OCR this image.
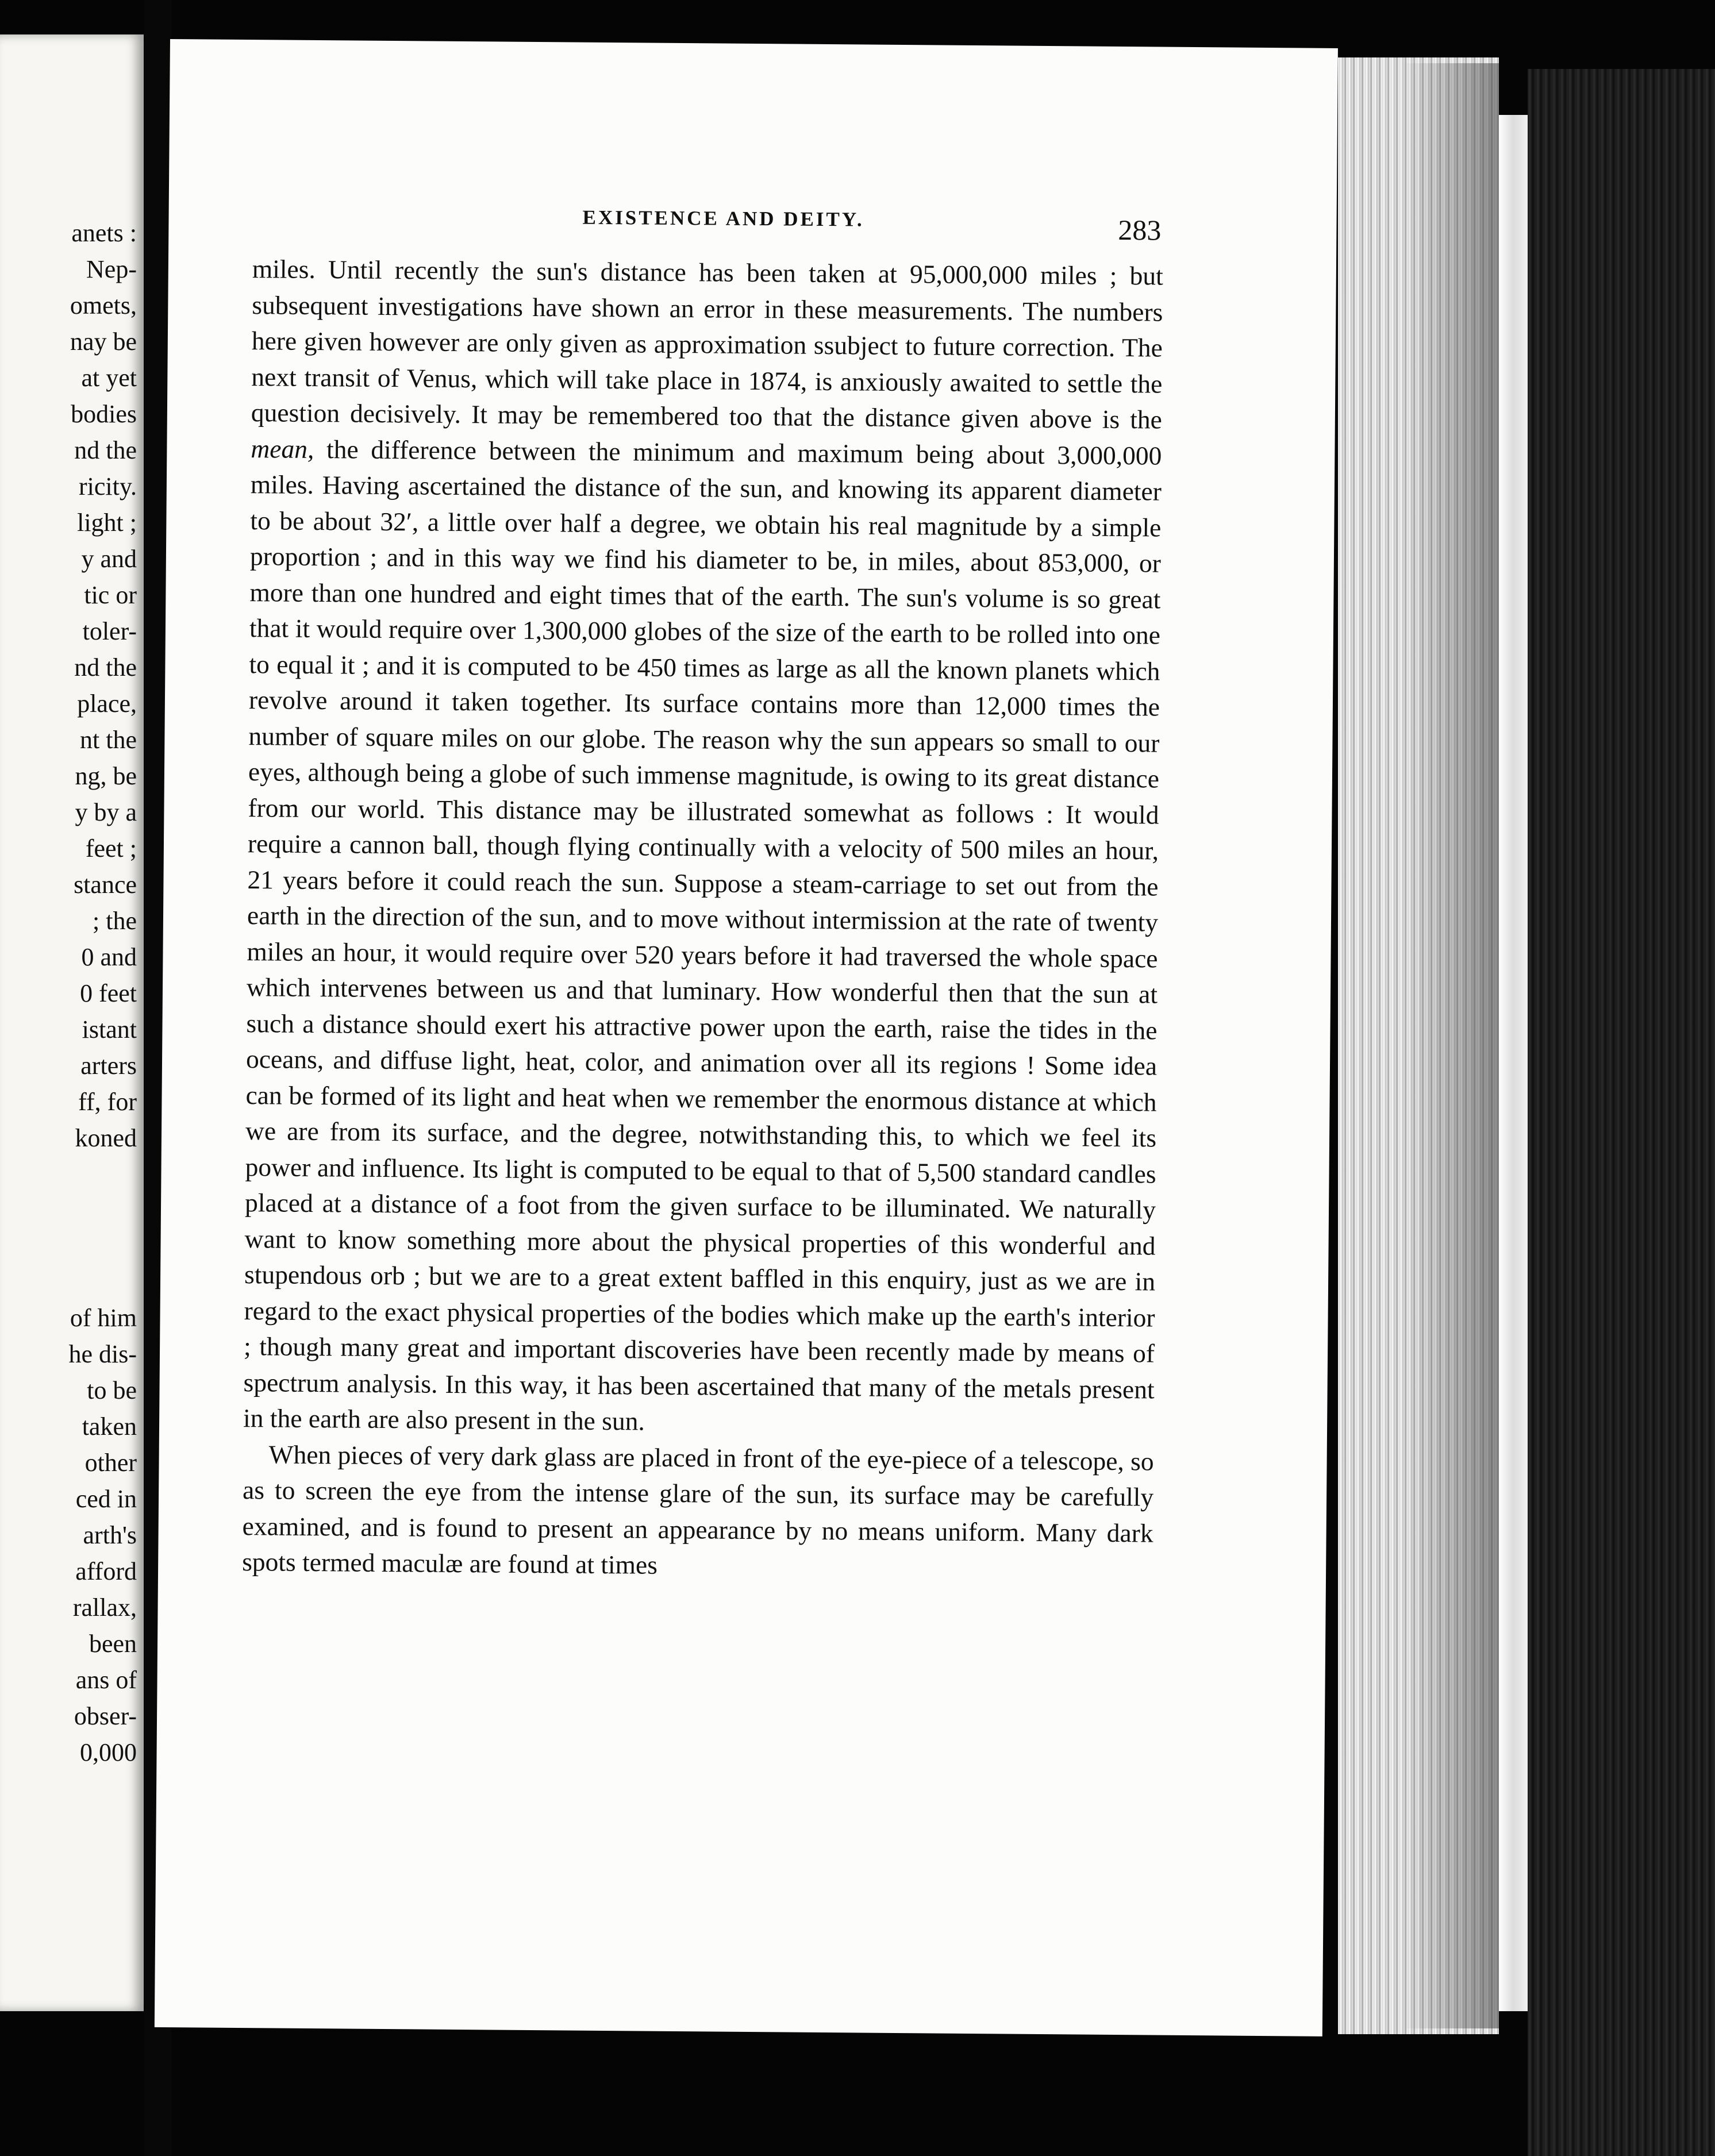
anets :
Nep-
omets,
nay be
at yet
bodies
nd the
ricity.
light ;
y and
tic or
toler-
nd the
place,
nt the
ng, be
y by a
feet ;
stance
; the
0 and
0 feet
istant
arters
ff, for
koned
of him
he dis-
to be
taken
other
ced in
arth's
afford
rallax,
been
ans of
obser-
0,000
EXISTENCE AND DEITY.	283

miles. Until recently the sun's distance has been taken at 95,000,000 miles ; but subsequent investigations have shown an error in these measurements. The numbers here given however are only given as approximation ssubject to future correction. The next transit of Venus, which will take place in 1874, is anxiously awaited to settle the question decisively. It may be remembered too that the distance given above is the mean, the difference between the minimum and maximum being about 3,000,000 miles. Having ascertained the distance of the sun, and knowing its apparent diameter to be about 32′, a little over half a degree, we obtain his real magnitude by a simple proportion ; and in this way we find his diameter to be, in miles, about 853,000, or more than one hundred and eight times that of the earth. The sun's volume is so great that it would require over 1,300,000 globes of the size of the earth to be rolled into one to equal it ; and it is computed to be 450 times as large as all the known planets which revolve around it taken together. Its surface contains more than 12,000 times the number of square miles on our globe. The reason why the sun appears so small to our eyes, although being a globe of such immense magnitude, is owing to its great distance from our world. This distance may be illustrated somewhat as follows : It would require a cannon ball, though flying continually with a velocity of 500 miles an hour, 21 years before it could reach the sun. Suppose a steam-carriage to set out from the earth in the direction of the sun, and to move without intermission at the rate of twenty miles an hour, it would require over 520 years before it had traversed the whole space which intervenes between us and that luminary. How wonderful then that the sun at such a distance should exert his attractive power upon the earth, raise the tides in the oceans, and diffuse light, heat, color, and animation over all its regions ! Some idea can be formed of its light and heat when we remember the enormous distance at which we are from its surface, and the degree, notwithstanding this, to which we feel its power and influence. Its light is computed to be equal to that of 5,500 standard candles placed at a distance of a foot from the given surface to be illuminated. We naturally want to know something more about the physical properties of this wonderful and stupendous orb ; but we are to a great extent baffled in this enquiry, just as we are in regard to the exact physical properties of the bodies which make up the earth's interior ; though many great and important discoveries have been recently made by means of spectrum analysis. In this way, it has been ascertained that many of the metals present in the earth are also present in the sun.

When pieces of very dark glass are placed in front of the eye-piece of a telescope, so as to screen the eye from the intense glare of the sun, its surface may be carefully examined, and is found to present an appearance by no means uniform. Many dark spots termed maculæ are found at times
